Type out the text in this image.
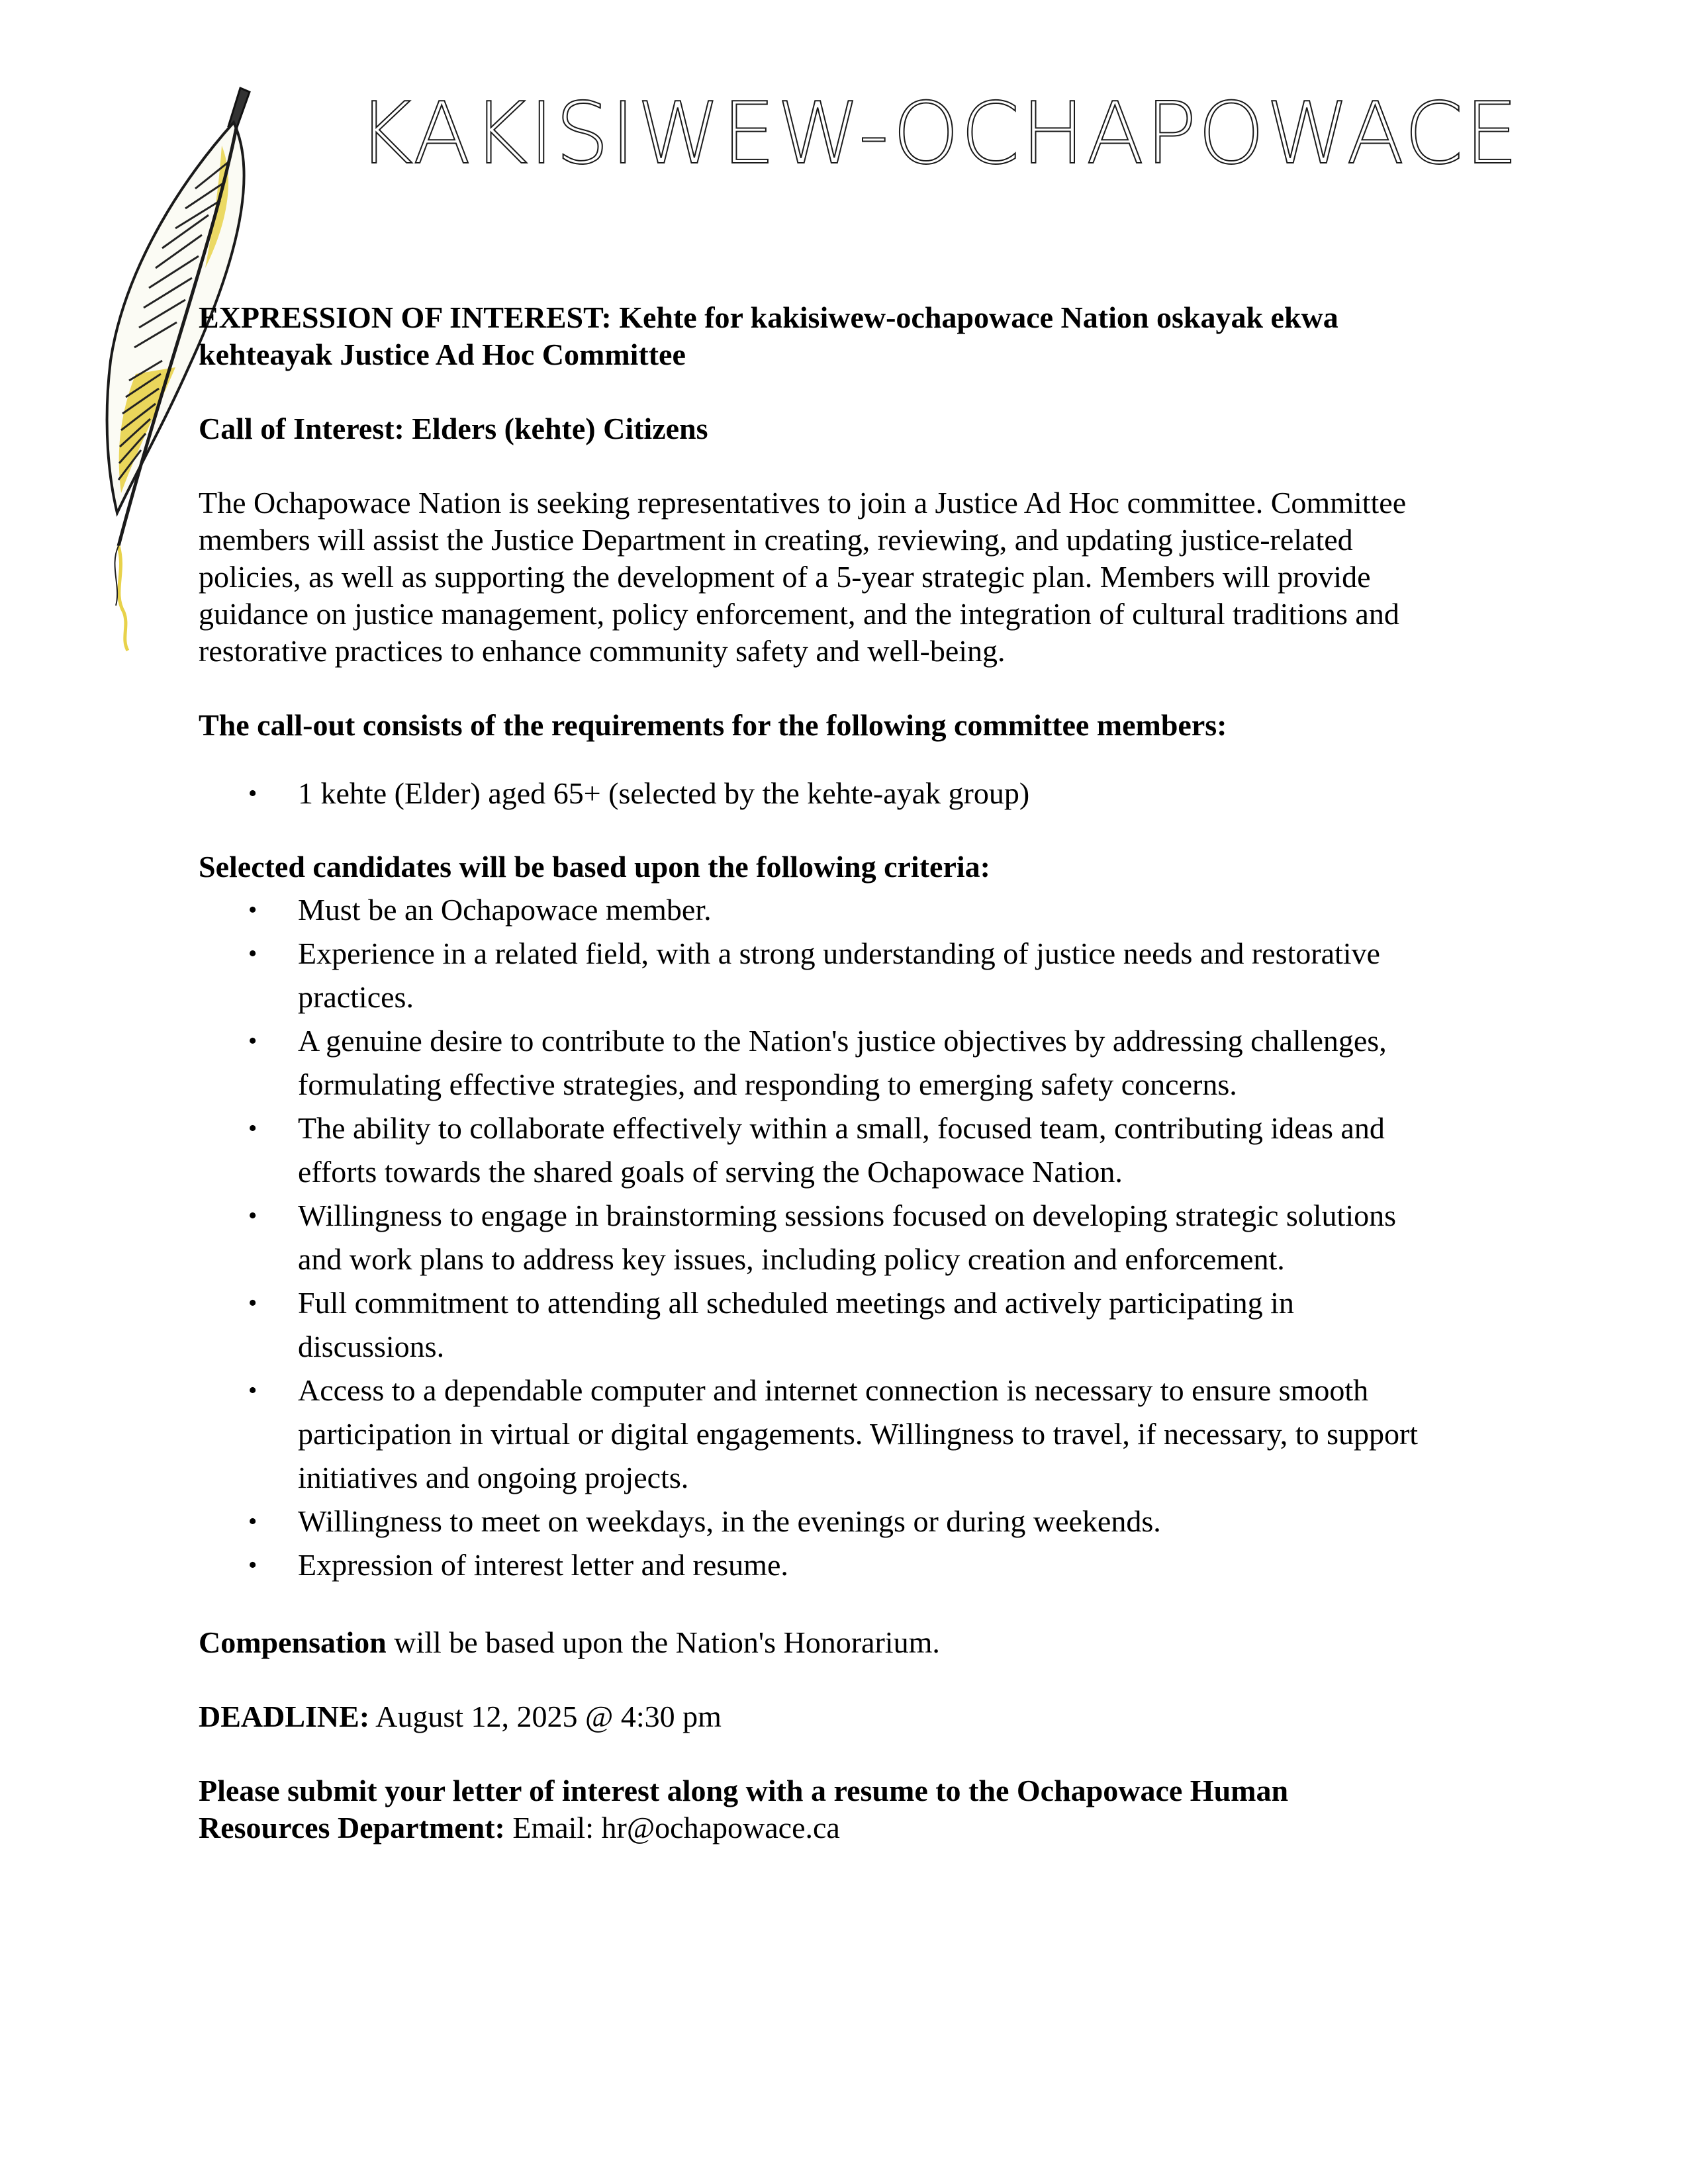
KAKISIWEW-OCHAPOWACE

EXPRESSION OF INTEREST: Kehte for kakisiwew-ochapowace Nation oskayak ekwa
kehteayak Justice Ad Hoc Committee

Call of Interest: Elders (kehte) Citizens

The Ochapowace Nation is seeking representatives to join a Justice Ad Hoc committee. Committee
members will assist the Justice Department in creating, reviewing, and updating justice-related
policies, as well as supporting the development of a 5-year strategic plan. Members will provide
guidance on justice management, policy enforcement, and the integration of cultural traditions and
restorative practices to enhance community safety and well-being.

The call-out consists of the requirements for the following committee members:

• 1 kehte (Elder) aged 65+ (selected by the kehte-ayak group)

Selected candidates will be based upon the following criteria:

• Must be an Ochapowace member.
• Experience in a related field, with a strong understanding of justice needs and restorative
practices.
• A genuine desire to contribute to the Nation's justice objectives by addressing challenges,
formulating effective strategies, and responding to emerging safety concerns.
• The ability to collaborate effectively within a small, focused team, contributing ideas and
efforts towards the shared goals of serving the Ochapowace Nation.
• Willingness to engage in brainstorming sessions focused on developing strategic solutions
and work plans to address key issues, including policy creation and enforcement.
• Full commitment to attending all scheduled meetings and actively participating in
discussions.
• Access to a dependable computer and internet connection is necessary to ensure smooth
participation in virtual or digital engagements. Willingness to travel, if necessary, to support
initiatives and ongoing projects.
• Willingness to meet on weekdays, in the evenings or during weekends.
• Expression of interest letter and resume.

Compensation will be based upon the Nation's Honorarium.

DEADLINE: August 12, 2025 @ 4:30 pm

Please submit your letter of interest along with a resume to the Ochapowace Human
Resources Department: Email: hr@ochapowace.ca
